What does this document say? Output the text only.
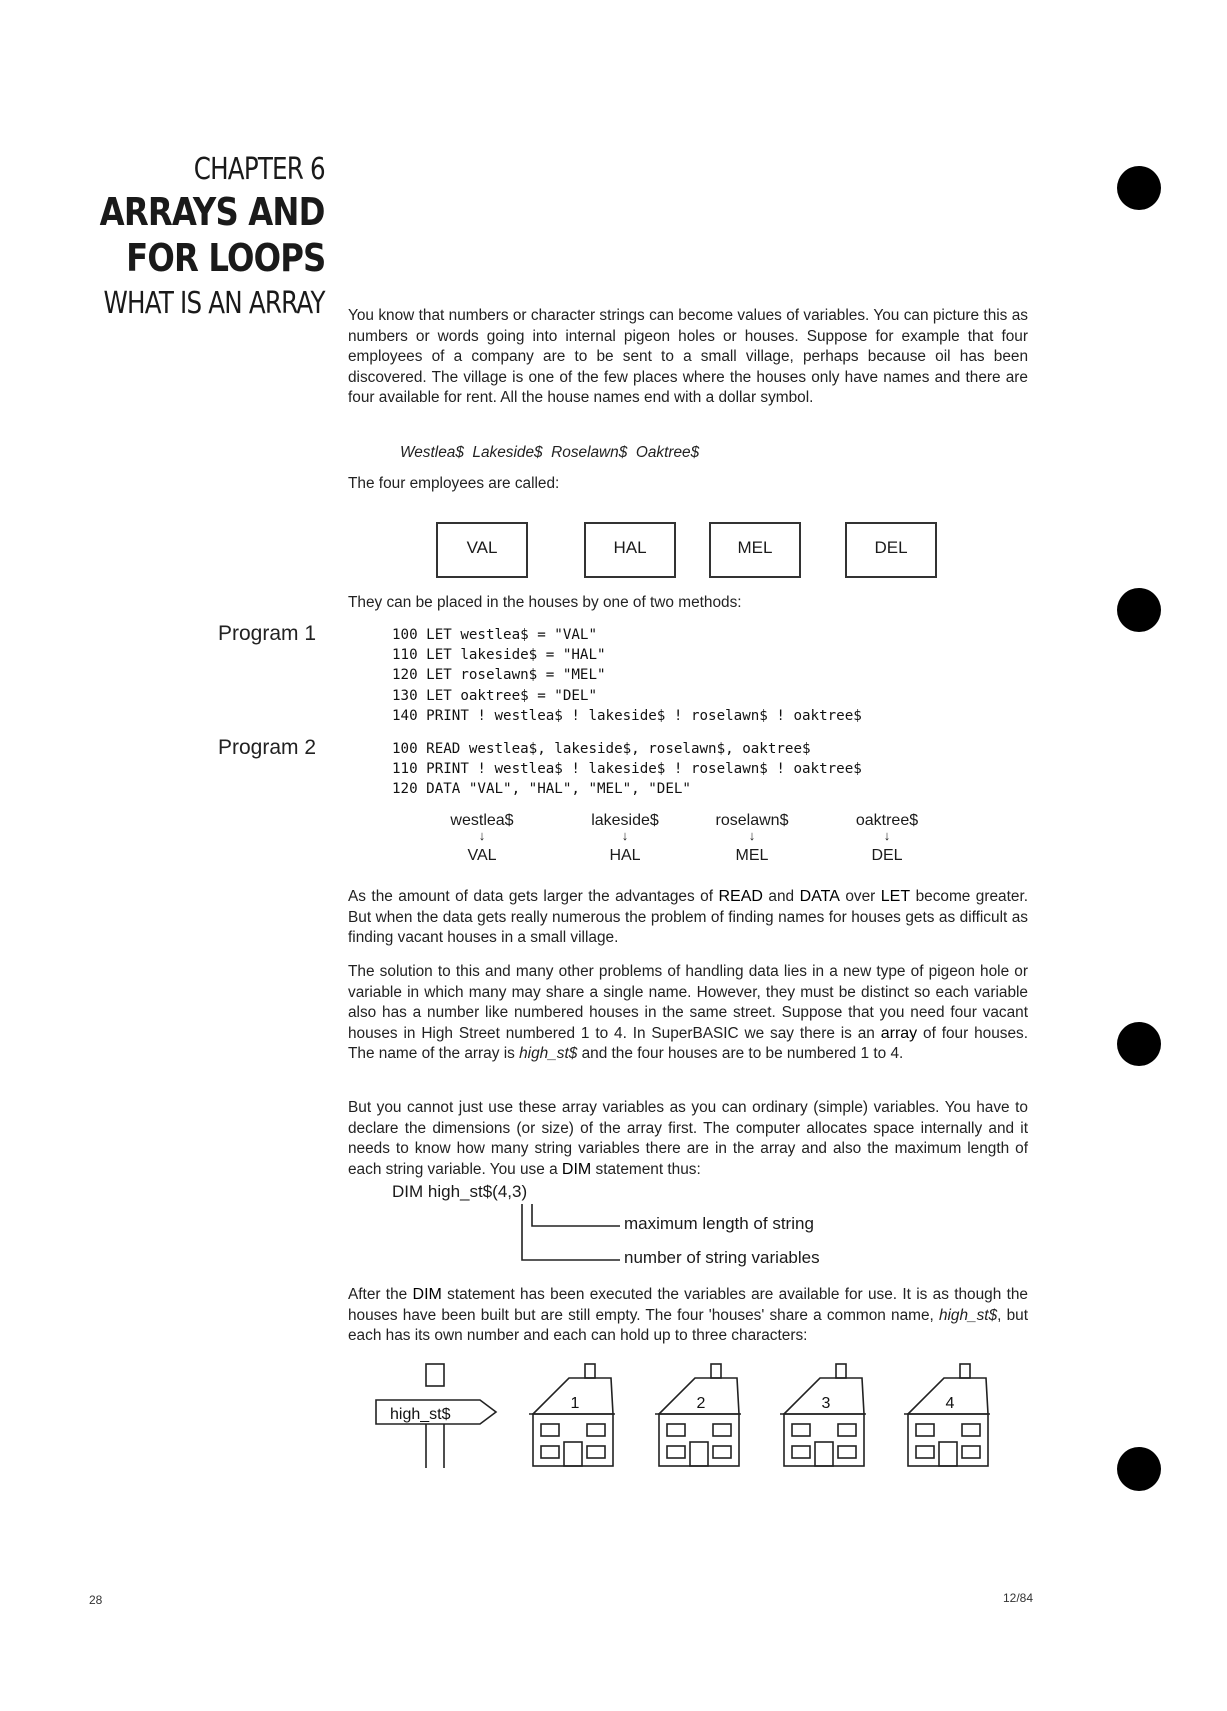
CHAPTER 6
ARRAYS AND
FOR LOOPS
WHAT IS AN ARRAY You know that numbers or character strings can become values of variables. You can picture this as numbers or words going into internal pigeon holes or houses. Suppose for example that four employees of a company are to be sent to a small village, perhaps because oil has been discovered. The village is one of the few places where the houses only have names and there are four available for rent. All the house names end with a dollar symbol.
Westlea$  Lakeside$  Roselawn$  Oaktree$
The four employees are called:
VAL	HAL	MEL	DEL
They can be placed in the houses by one of two methods:
Program 1	100 LET westlea$ = "VAL"
110 LET lakeside$ = "HAL"
120 LET roselawn$ = "MEL"
130 LET oaktree$ = "DEL"
140 PRINT ! westlea$ ! lakeside$ ! roselawn$ ! oaktree$
Program 2	100 READ westlea$, lakeside$, roselawn$, oaktree$
110 PRINT ! westlea$ ! lakeside$ ! roselawn$ ! oaktree$
120 DATA "VAL", "HAL", "MEL", "DEL"
westlea$	lakeside$	roselawn$	oaktree$
↓	↓	↓	↓
VAL	HAL	MEL	DEL
As the amount of data gets larger the advantages of READ and DATA over LET become greater. But when the data gets really numerous the problem of finding names for houses gets as difficult as finding vacant houses in a small village.
The solution to this and many other problems of handling data lies in a new type of pigeon hole or variable in which many may share a single name. However, they must be distinct so each variable also has a number like numbered houses in the same street. Suppose that you need four vacant houses in High Street numbered 1 to 4. In SuperBASIC we say there is an array of four houses. The name of the array is high_st$ and the four houses are to be numbered 1 to 4.
But you cannot just use these array variables as you can ordinary (simple) variables. You have to declare the dimensions (or size) of the array first. The computer allocates space internally and it needs to know how many string variables there are in the array and also the maximum length of each string variable. You use a DIM statement thus:
DIM high_st$(4,3)
maximum length of string
number of string variables
After the DIM statement has been executed the variables are available for use. It is as though the houses have been built but are still empty. The four 'houses' share a common name, high_st$, but each has its own number and each can hold up to three characters:
high_st$
1	2	3	4
28	12/84
